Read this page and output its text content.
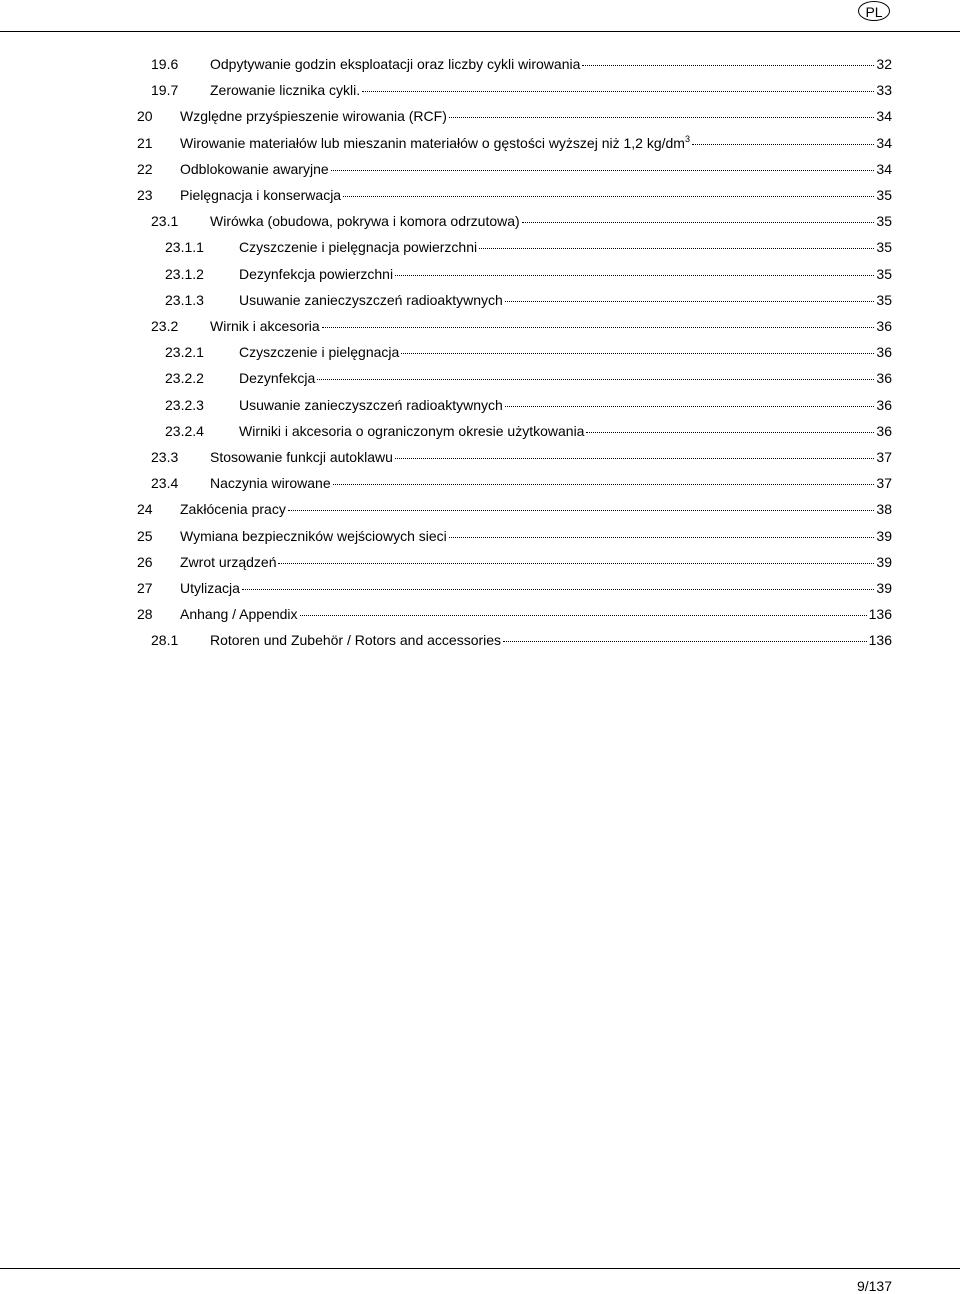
PL
19.6 Odpytywanie godzin eksploatacji oraz liczby cykli wirowania	32
19.7 Zerowanie licznika cykli.	33
20 Względne przyśpieszenie wirowania (RCF)	34
21 Wirowanie materiałów lub mieszanin materiałów o gęstości wyższej niż 1,2 $kg/dm^3$	34
22 Odblokowanie awaryjne	34
23 Pielęgnacja i konserwacja	35
23.1 Wirówka (obudowa, pokrywa i komora odrzutowa)	35
23.1.1	Czyszczenie i pielęgnacja powierzchni	35
23.1.2	Dezynfekcja powierzchni	35
23.1.3	Usuwanie zanieczyszczeń radioaktywnych	35
23.2 Wirnik i akcesoria	36
23.2.1	Czyszczenie i pielęgnacja	36
23.2.2	Dezynfekcja	36
23.2.3	Usuwanie zanieczyszczeń radioaktywnych	36
23.2.4	Wirniki i akcesoria o ograniczonym okresie użytkowania	36
23.3 Stosowanie funkcji autoklawu	37
23.4 Naczynia wirowane	37
24 Zakłócenia pracy	38
25 Wymiana bezpieczników wejściowych sieci	39
26 Zwrot urządzeń	39
27 Utylizacja	39
28 Anhang / Appendix	136
28.1 Rotoren und Zubehör / Rotors and accessories	136
9/137
